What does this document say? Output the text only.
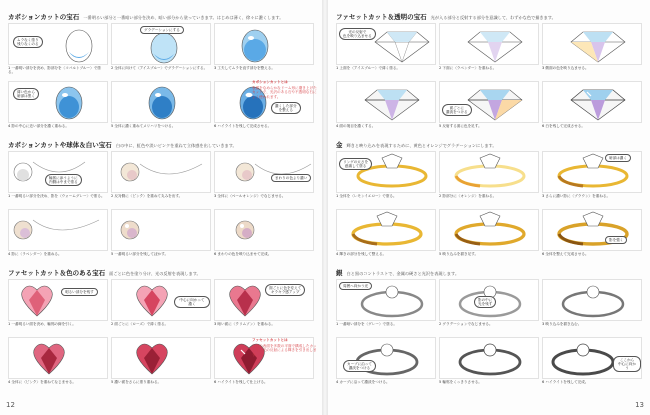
カボションカットの宝石 一番明るい部分と一番暗い部分を決め、暗い部分から塗っていきます。はじめは薄く、徐々に濃くします。
ムラなく塗り
残りなくのる
1 一番明い部分を決め、影部分を〈コバルトブルー〉で塗る。
グラデーションにする
2 全体に向けて〈アイスブルー〉でグラデーションにする。	3 工夫してムラを直す部分を整える。
薄い色から
暗部は黒く
4 影の中心に近い部分を濃く重ねる。	5 全体に濃く重ねてメリハリをつける。
濃くした部分
を整える
6 ハイライトを残して完成させる。
カボションカットとは
表面をなめらかなドーム形に磨き上げたカットで、光沢のある石や不透明な石によく使われます。
カボションカットや球体＆白い宝石 白の中に、虹色や淡いピンクを重ねて立体感を出していきます。
輪郭に添うように
内側は中まで塗る
1 一番明るい部分を決め、影を〈ウォームグレー〉で塗る。	2 反対側に〈ピンク〉を重ねて丸みを出す。
まわりの色より濃い
3 全体に〈ペールオレンジ〉でなじませる。
4 影に〈ラベンダー〉を重ねる。	5 一番明るい部分を残してぼかす。	6 まわりの色を映り込ませて完成。
ファセットカット＆色のある宝石 面ごとに色を塗り分け、光の反射を表現します。
明るい部分を残す
1 一番明るい面を決め、輪郭の線を引く。
中心に向かって濃く
2 面ごとに〈ローズ〉で薄く塗る。
面ごとに色を変えて
キラキラ感アップ
3 暗い面に〈クリムゾン〉を重ねる。
4 全体に〈ピンク〉を重ねてなじませる。	5 濃い面をさらに塗り重ねる。	6 ハイライトを残して仕上げる。
ファセットカットとは
宝石の表面を多数の平面で構成したカットで、光の反射による輝きを引き出します。
12
ファセットカット＆透明の宝石 光が入る部分と反射する部分を意識して、わずかな色で描きます。
光の反射で
色を映り込ませる
1 上面を〈アイスブルー〉で薄く塗る。	2 下面に〈ラベンダー〉を重ねる。	3 側面の色を映り込ませる。
4 面の境目を濃くする。
面ごとに
濃淡をつける
5 反射する面に色を足す。	6 白を残して完成させる。
金 輝きと映り込みを表現するために、黄色とオレンジでグラデーションにします。
リングの太さを
意識して塗る
1 全体を〈レモンイエロー〉で塗る。	2 影部分に〈オレンジ〉を重ねる。
暗部は濃く
3 さらに濃い影に〈ブラウン〉を重ねる。
4 輝きの部分を残して整える。	5 映り込みを描き足す。
影を強く
6 全体を整えて完成させる。
銀 白と黒のコントラストで、金属の硬さと光沢を表現します。
周囲へ向かう光
1 一番暗い部分を〈グレー〉で塗る。
影の中に
光を残す
2 グラデーションでなじませる。	3 映り込みを描き込む。
カーブに沿って
濃淡をつける
4 カーブに沿って濃淡をつける。	5 輪郭をくっきりさせる。
ここから
中心に向かう
6 ハイライトを残して完成。
13
